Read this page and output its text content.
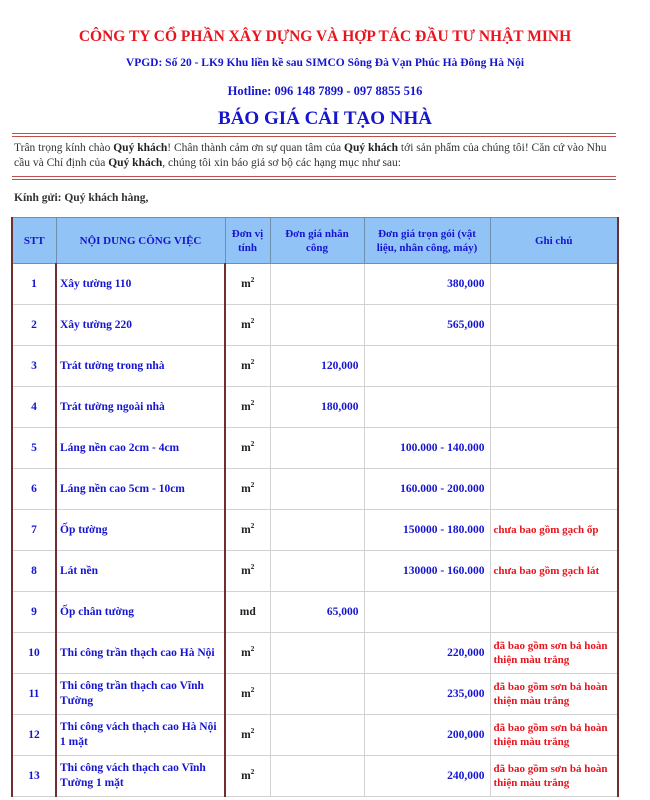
CÔNG TY CỔ PHẦN XÂY DỰNG VÀ HỢP TÁC ĐẦU TƯ NHẬT MINH
VPGD: Số 20 - LK9 Khu liền kề sau SIMCO Sông Đà Vạn Phúc Hà Đông Hà Nội
Hotline: 096 148 7899 - 097 8855 516
BÁO GIÁ CẢI TẠO NHÀ
Trân trọng kính chào Quý khách! Chân thành cảm ơn sự quan tâm của Quý khách tới sản phẩm của chúng tôi! Căn cứ vào Nhu cầu và Chỉ định của Quý khách, chúng tôi xin báo giá sơ bộ các hạng mục như sau:
Kính gửi: Quý khách hàng,
STT	NỘI DUNG CÔNG VIỆC	Đơn vị tính	Đơn giá nhân công	Đơn giá trọn gói (vật liệu, nhân công, máy)	Ghi chú
1	Xây tường 110	$m^2$		380,000	
2	Xây tường 220	$m^2$		565,000	
3	Trát tường trong nhà	$m^2$	120,000		
4	Trát tường ngoài nhà	$m^2$	180,000		
5	Láng nền cao 2cm - 4cm	$m^2$		100.000 - 140.000	
6	Láng nền cao 5cm - 10cm	$m^2$		160.000 - 200.000	
7	Ốp tường	$m^2$		150000 - 180.000	chưa bao gồm gạch ốp
8	Lát nền	$m^2$		130000 - 160.000	chưa bao gồm gạch lát
9	Ốp chân tường	md	65,000		
10	Thi công trần thạch cao Hà Nội	$m^2$		220,000	đã bao gồm sơn bả hoàn thiện màu trắng
11	Thi công trần thạch cao Vĩnh Tường	$m^2$		235,000	đã bao gồm sơn bả hoàn thiện màu trắng
12	Thi công vách thạch cao Hà Nội 1 mặt	$m^2$		200,000	đã bao gồm sơn bả hoàn thiện màu trắng
13	Thi công vách thạch cao Vĩnh Tường 1 mặt	$m^2$		240,000	đã bao gồm sơn bả hoàn thiện màu trắng
